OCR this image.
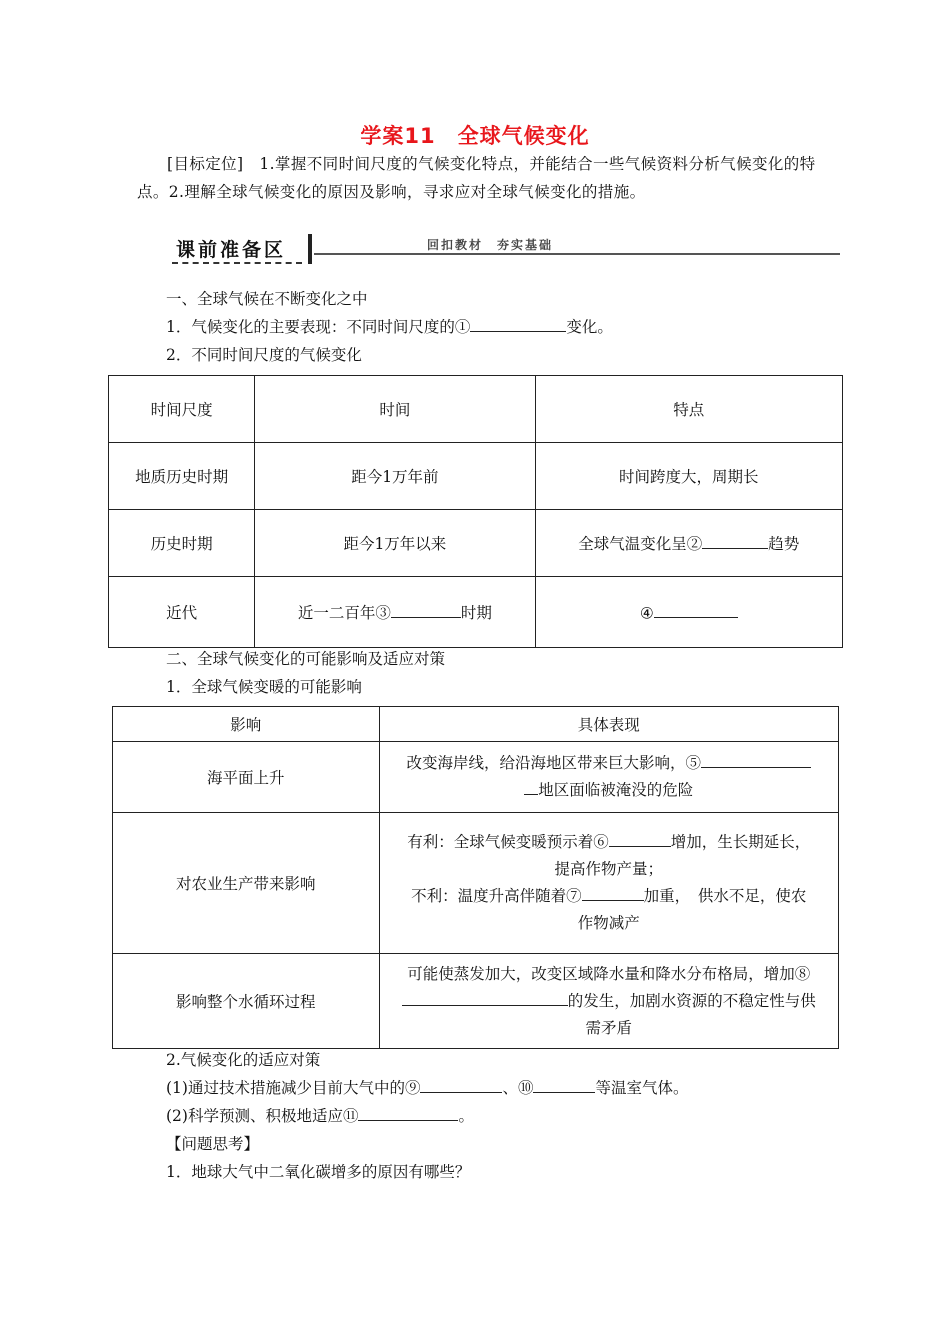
学案11　全球气候变化
[目标定位]　1.掌握不同时间尺度的气候变化特点，并能结合一些气候资料分析气候变化的特点。2.理解全球气候变化的原因及影响，寻求应对全球气候变化的措施。
课前准备区	回扣教材　夯实基础
一、全球气候在不断变化之中
1．气候变化的主要表现：不同时间尺度的①	变化。
2．不同时间尺度的气候变化
时间尺度	时间	特点
地质历史时期	距今1万年前	时间跨度大，周期长
历史时期	距今1万年以来	全球气温变化呈② 趋势
近代	近一二百年③ 时期	④
二、全球气候变化的可能影响及适应对策
1．全球气候变暖的可能影响
影响	具体表现
海平面上升	改变海岸线，给沿海地区带来巨大影响，⑤
地区面临被淹没的危险

对农业生产带来影响	有利：全球气候变暖预示着⑥ 增加，生长期延长，
提高作物产量；
不利：温度升高伴随着⑦ 加重，　供水不足，使农
作物减产

影响整个水循环过程	可能使蒸发加大，改变区域降水量和降水分布格局，增加⑧
的发生，加剧水资源的不稳定性与供
需矛盾
2.气候变化的适应对策
(1)通过技术措施减少目前大气中的⑨	、⑩	等温室气体。
(2)科学预测、积极地适应⑪	。
【问题思考】
1．地球大气中二氧化碳增多的原因有哪些？
